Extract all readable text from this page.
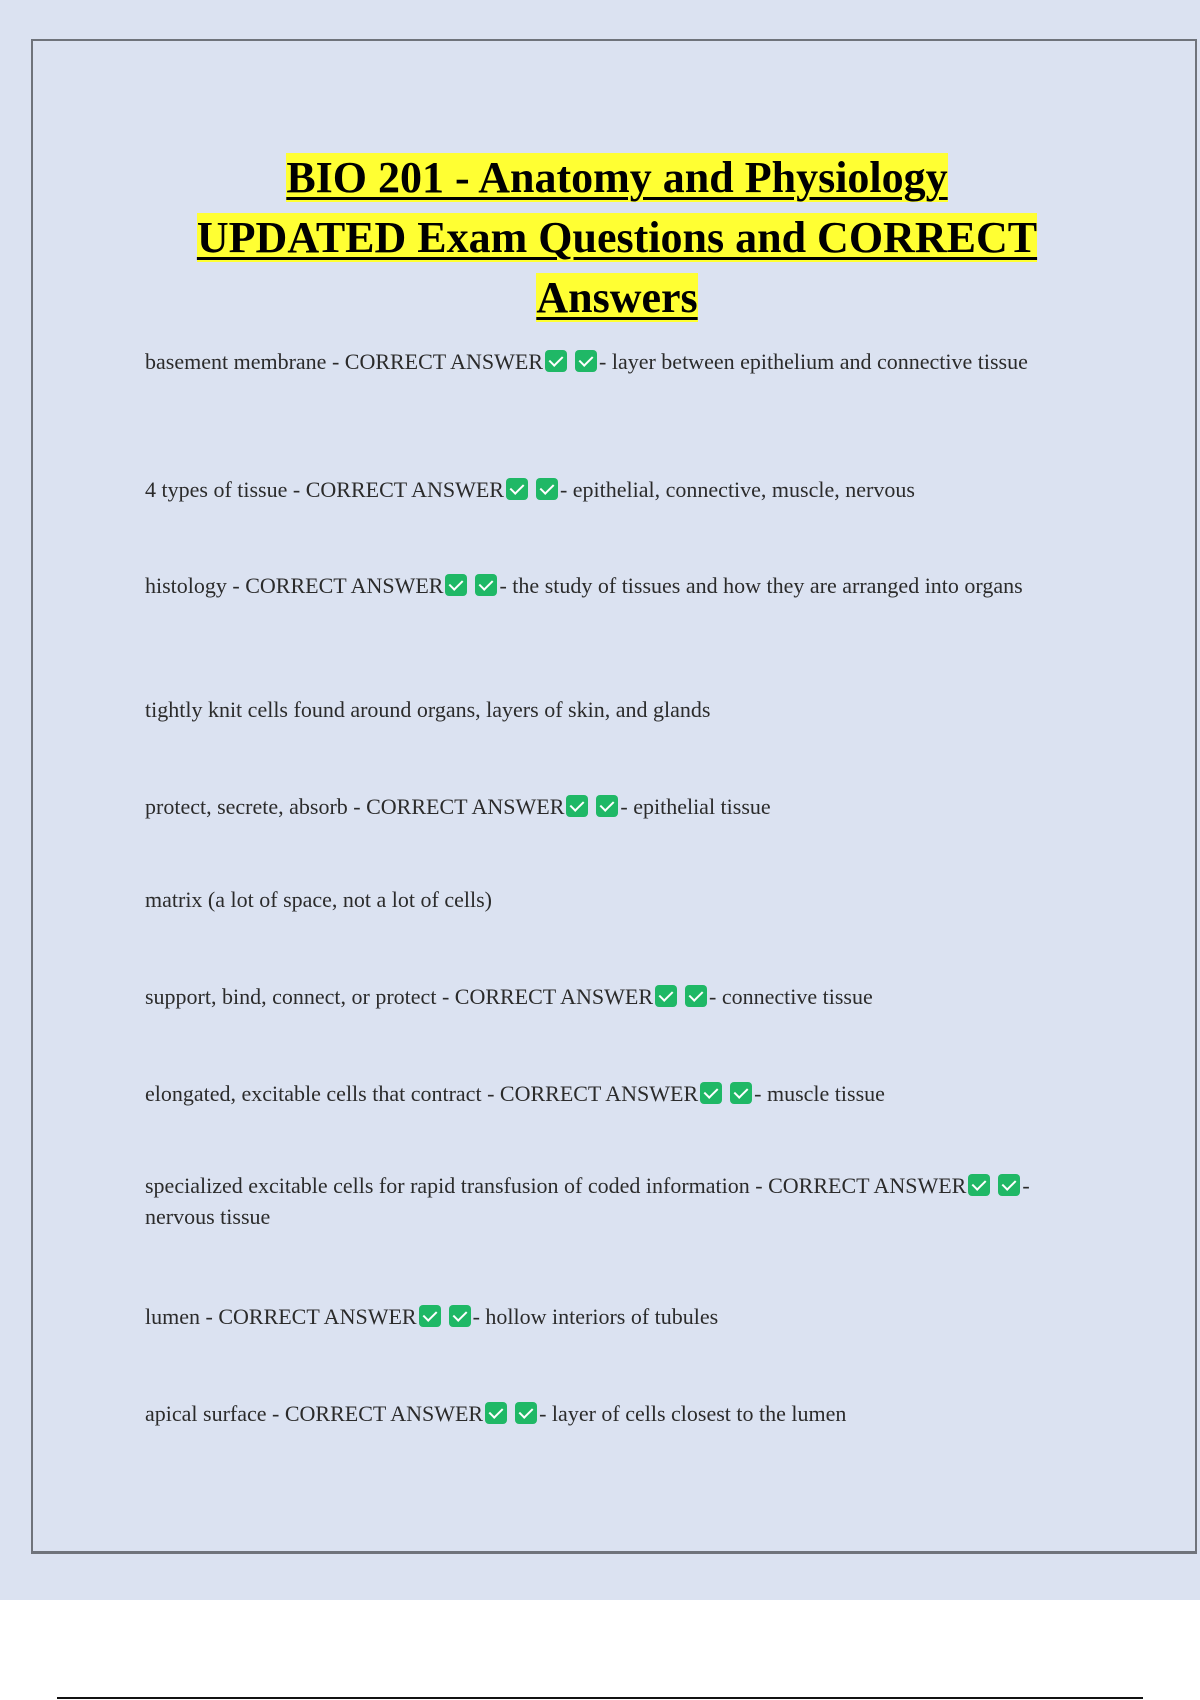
BIO 201 - Anatomy and Physiology
UPDATED Exam Questions and CORRECT
Answers
basement membrane - CORRECT ANSWER	- layer between epithelium and connective tissue
4 types of tissue - CORRECT ANSWER	- epithelial, connective, muscle, nervous
histology - CORRECT ANSWER	- the study of tissues and how they are arranged into organs
tightly knit cells found around organs, layers of skin, and glands
protect, secrete, absorb - CORRECT ANSWER	- epithelial tissue
matrix (a lot of space, not a lot of cells)
support, bind, connect, or protect - CORRECT ANSWER	- connective tissue
elongated, excitable cells that contract - CORRECT ANSWER	- muscle tissue
specialized excitable cells for rapid transfusion of coded information - CORRECT ANSWER	- nervous tissue
lumen - CORRECT ANSWER	- hollow interiors of tubules
apical surface - CORRECT ANSWER	- layer of cells closest to the lumen
